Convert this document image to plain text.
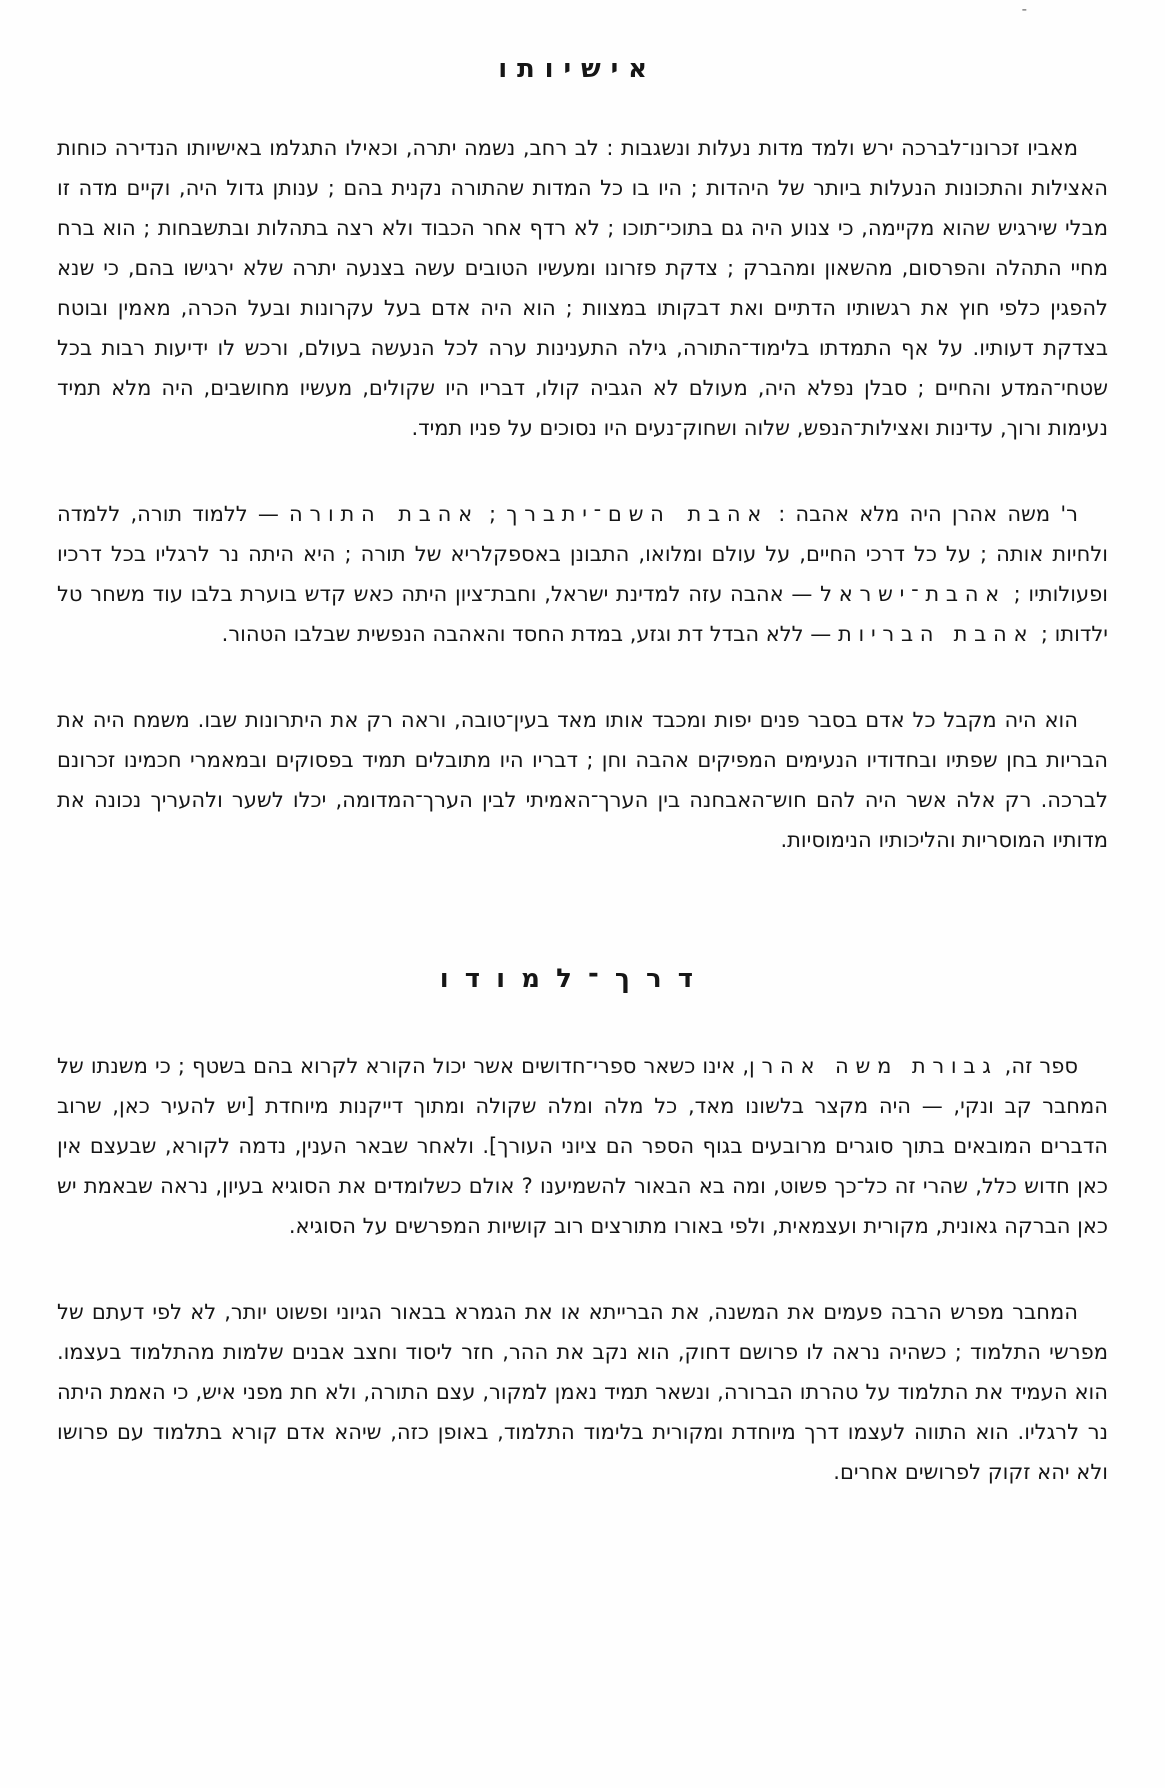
-
אישיותו

מאביו זכרונו־לברכה ירש ולמד מדות נעלות ונשגבות : לב רחב, נשמה יתרה, וכאילו התגלמו באישיותו הנדירה כוחות האצילות והתכונות הנעלות ביותר של היהדות ; היו בו כל המדות שהתורה נקנית בהם ; ענותן גדול היה, וקיים מדה זו מבלי שירגיש שהוא מקיימה, כי צנוע היה גם בתוכי־תוכו ; לא רדף אחר הכבוד ולא רצה בתהלות ובתשבחות ; הוא ברח מחיי התהלה והפרסום, מהשאון ומהברק ; צדקת פזרונו ומעשיו הטובים עשה בצנעה יתרה שלא ירגישו בהם, כי שנא להפגין כלפי חוץ את רגשותיו הדתיים ואת דבקותו במצוות ; הוא היה אדם בעל עקרונות ובעל הכרה, מאמין ובוטח בצדקת דעותיו. על אף התמדתו בלימוד־התורה, גילה התענינות ערה לכל הנעשה בעולם, ורכש לו ידיעות רבות בכל שטחי־המדע והחיים ; סבלן נפלא היה, מעולם לא הגביה קולו, דבריו היו שקולים, מעשיו מחושבים, היה מלא תמיד נעימות ורוך, עדינות ואצילות־הנפש, שלוה ושחוק־נעים היו נסוכים על פניו תמיד.

ר' משה אהרן היה מלא אהבה : אהבת השם־יתברך ; אהבת התורה — ללמוד תורה, ללמדה ולחיות אותה ; על כל דרכי החיים, על עולם ומלואו, התבונן באספקלריא של תורה ; היא היתה נר לרגליו בכל דרכיו ופעולותיו ; אהבת־ישראל — אהבה עזה למדינת ישראל, וחבת־ציון היתה כאש קדש בוערת בלבו עוד משחר טל ילדותו ; אהבת הבריות — ללא הבדל דת וגזע, במדת החסד והאהבה הנפשית שבלבו הטהור.

הוא היה מקבל כל אדם בסבר פנים יפות ומכבד אותו מאד בעין־טובה, וראה רק את היתרונות שבו. משמח היה את הבריות בחן שפתיו ובחדודיו הנעימים המפיקים אהבה וחן ; דבריו היו מתובלים תמיד בפסוקים ובמאמרי חכמינו זכרונם לברכה. רק אלה אשר היה להם חוש־האבחנה בין הערך־האמיתי לבין הערך־המדומה, יכלו לשער ולהעריך נכונה את מדותיו המוסריות והליכותיו הנימוסיות.

דרך־למודו

ספר זה, גבורת משה אהרן, אינו כשאר ספרי־חדושים אשר יכול הקורא לקרוא בהם בשטף ; כי משנתו של המחבר קב ונקי, — היה מקצר בלשונו מאד, כל מלה ומלה שקולה ומתוך דייקנות מיוחדת [יש להעיר כאן, שרוב הדברים המובאים בתוך סוגרים מרובעים בגוף הספר הם ציוני העורך]. ולאחר שבאר הענין, נדמה לקורא, שבעצם אין כאן חדוש כלל, שהרי זה כל־כך פשוט, ומה בא הבאור להשמיענו ? אולם כשלומדים את הסוגיא בעיון, נראה שבאמת יש כאן הברקה גאונית, מקורית ועצמאית, ולפי באורו מתורצים רוב קושיות המפרשים על הסוגיא.

המחבר מפרש הרבה פעמים את המשנה, את הברייתא או את הגמרא בבאור הגיוני ופשוט יותר, לא לפי דעתם של מפרשי התלמוד ; כשהיה נראה לו פרושם דחוק, הוא נקב את ההר, חזר ליסוד וחצב אבנים שלמות מהתלמוד בעצמו. הוא העמיד את התלמוד על טהרתו הברורה, ונשאר תמיד נאמן למקור, עצם התורה, ולא חת מפני איש, כי האמת היתה נר לרגליו. הוא התווה לעצמו דרך מיוחדת ומקורית בלימוד התלמוד, באופן כזה, שיהא אדם קורא בתלמוד עם פרושו ולא יהא זקוק לפרושים אחרים.
